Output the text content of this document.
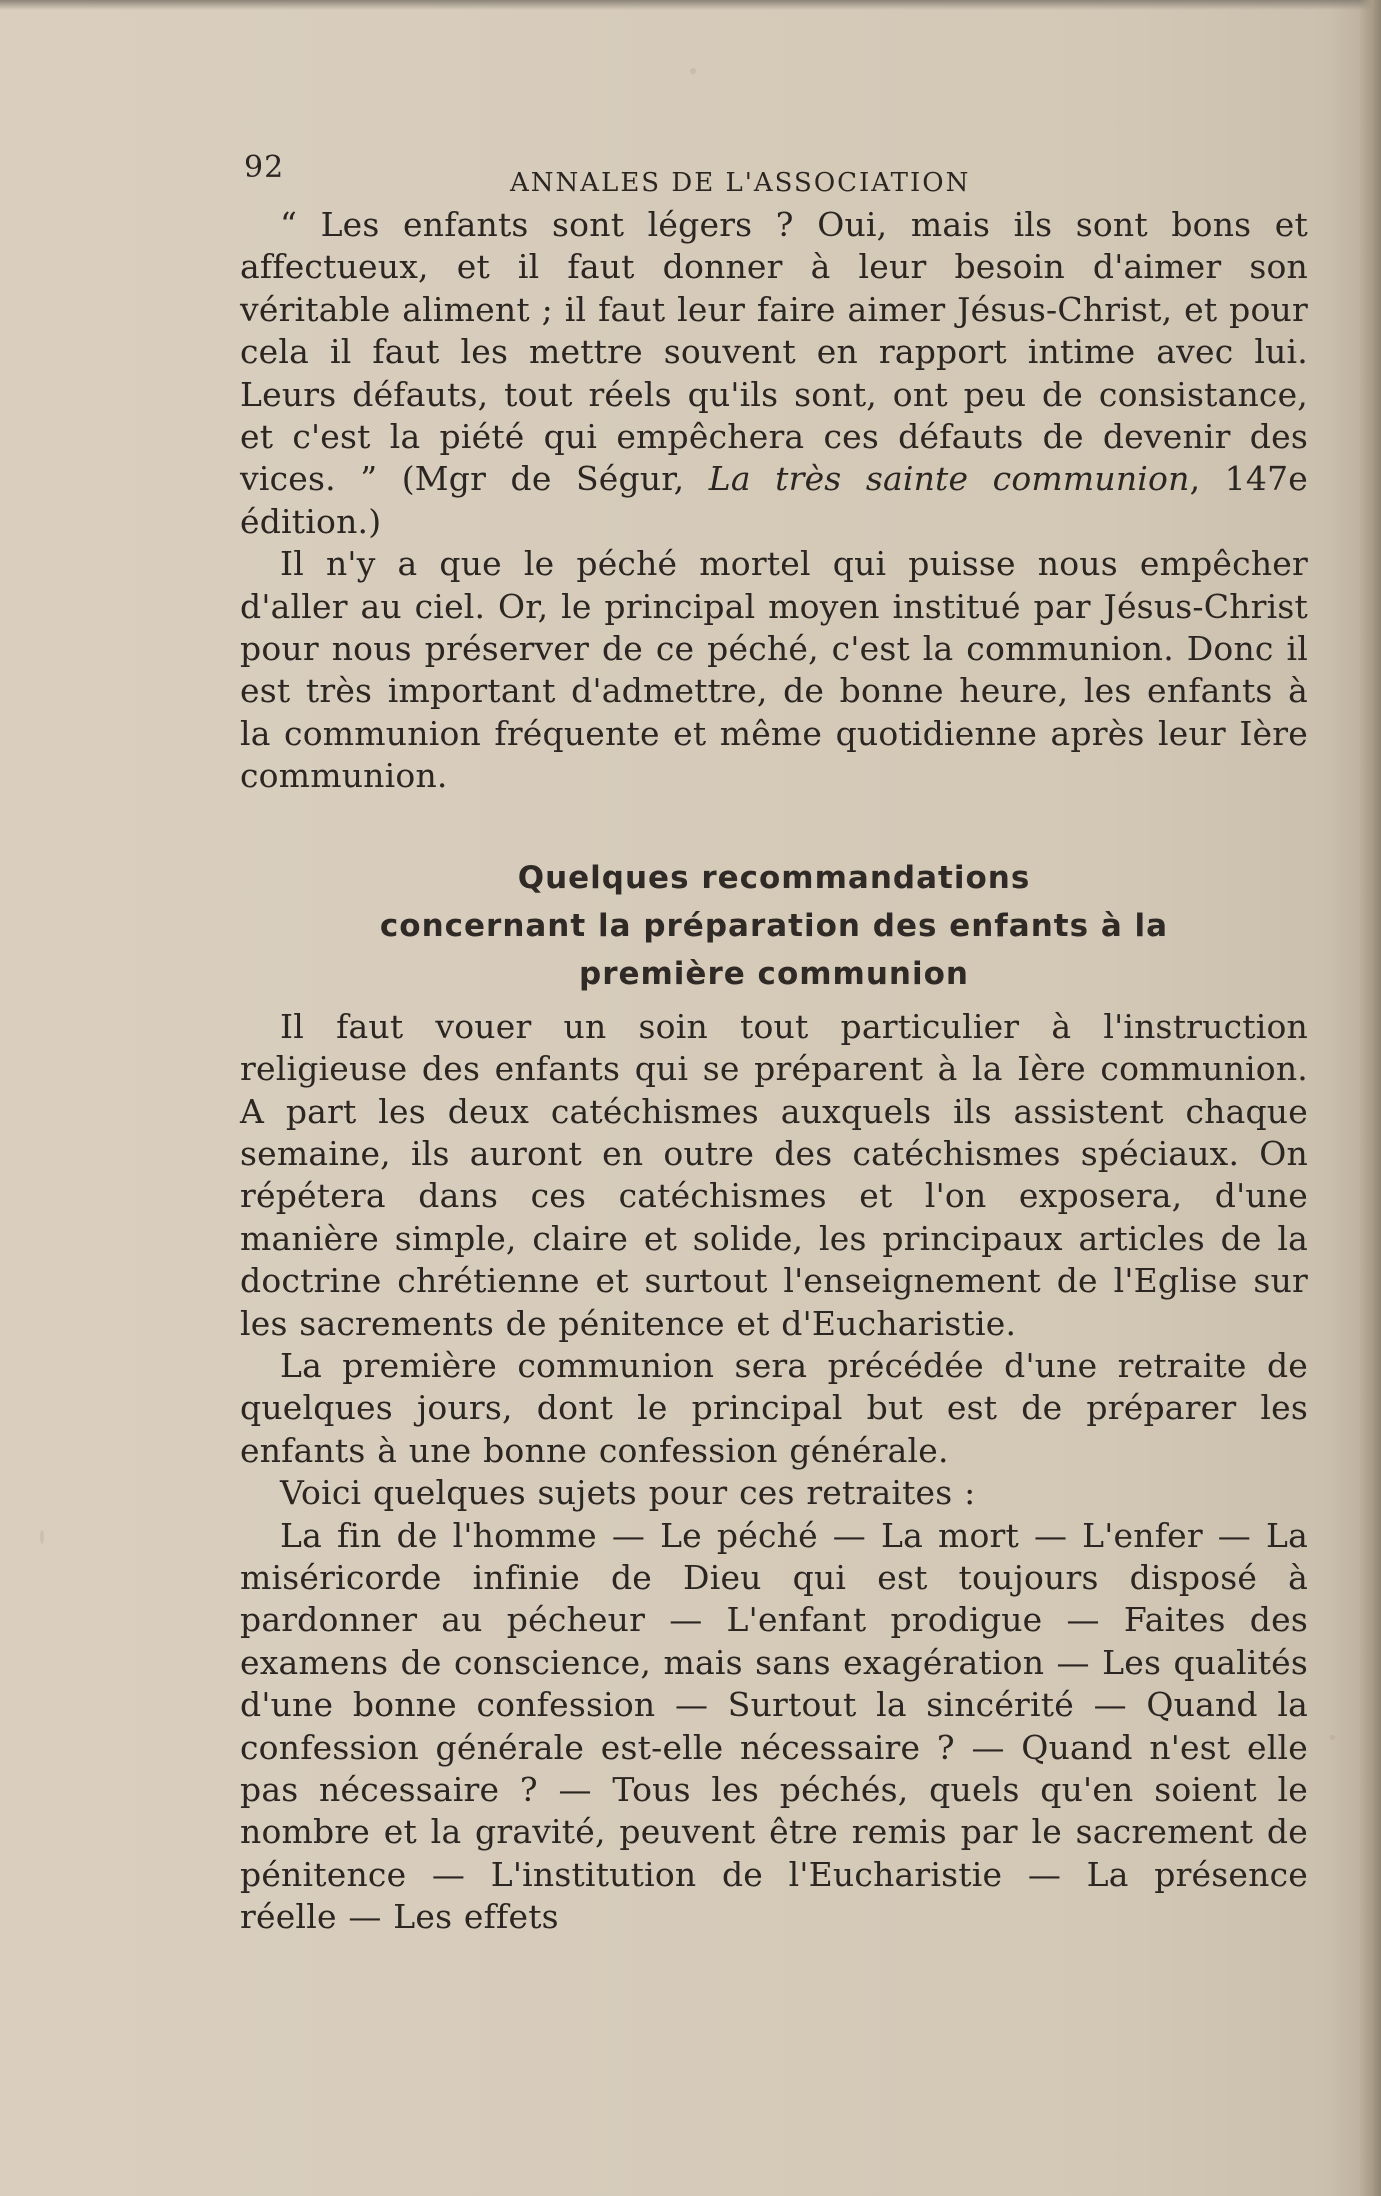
92	ANNALES DE L'ASSOCIATION

“ Les enfants sont légers ? Oui, mais ils sont bons et affectueux, et il faut donner à leur besoin d'aimer son véritable aliment ; il faut leur faire aimer Jésus-Christ, et pour cela il faut les mettre souvent en rapport intime avec lui. Leurs défauts, tout réels qu'ils sont, ont peu de consistance, et c'est la piété qui empêchera ces défauts de devenir des vices. ” (Mgr de Ségur, La très sainte communion, 147e édition.)

Il n'y a que le péché mortel qui puisse nous empêcher d'aller au ciel. Or, le principal moyen institué par Jésus-Christ pour nous préserver de ce péché, c'est la communion. Donc il est très important d'admettre, de bonne heure, les enfants à la communion fréquente et même quotidienne après leur Ière communion.

Quelques recommandations
concernant la préparation des enfants à la
première communion

Il faut vouer un soin tout particulier à l'instruction religieuse des enfants qui se préparent à la Ière communion. A part les deux catéchismes auxquels ils assistent chaque semaine, ils auront en outre des catéchismes spéciaux. On répétera dans ces catéchismes et l'on exposera, d'une manière simple, claire et solide, les principaux articles de la doctrine chrétienne et surtout l'enseignement de l'Eglise sur les sacrements de pénitence et d'Eucharistie.

La première communion sera précédée d'une retraite de quelques jours, dont le principal but est de préparer les enfants à une bonne confession générale.

Voici quelques sujets pour ces retraites :

La fin de l'homme — Le péché — La mort — L'enfer — La miséricorde infinie de Dieu qui est toujours disposé à pardonner au pécheur — L'enfant prodigue — Faites des examens de conscience, mais sans exagération — Les qualités d'une bonne confession — Surtout la sincérité — Quand la confession générale est-elle nécessaire ? — Quand n'est elle pas nécessaire ? — Tous les péchés, quels qu'en soient le nombre et la gravité, peuvent être remis par le sacrement de pénitence — L'institution de l'Eucharistie — La présence réelle — Les effets
